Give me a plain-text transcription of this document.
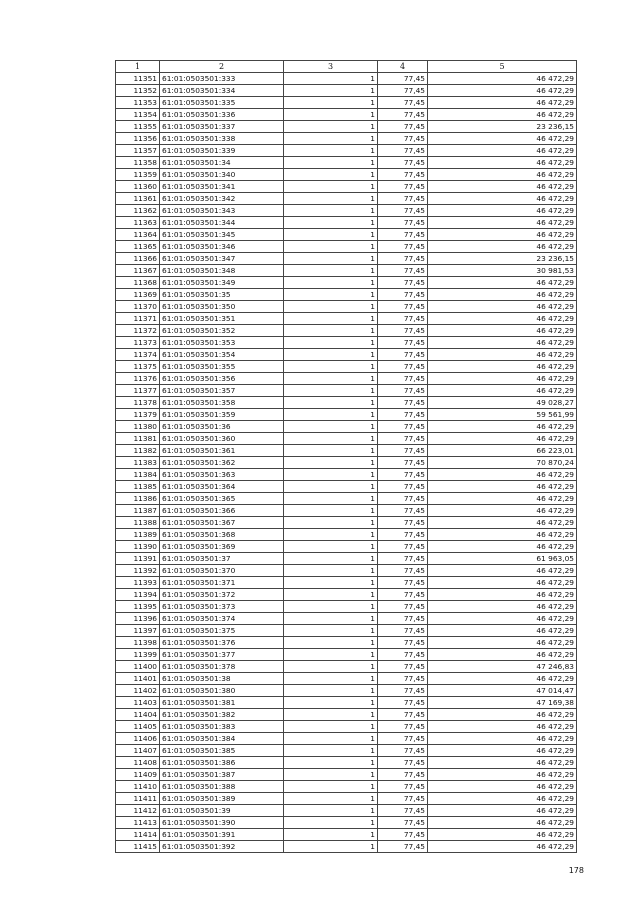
1	2	3	4	5
11351	61:01:0503501:333	1	77,45	46 472,29
11352	61:01:0503501:334	1	77,45	46 472,29
11353	61:01:0503501:335	1	77,45	46 472,29
11354	61:01:0503501:336	1	77,45	46 472,29
11355	61:01:0503501:337	1	77,45	23 236,15
11356	61:01:0503501:338	1	77,45	46 472,29
11357	61:01:0503501:339	1	77,45	46 472,29
11358	61:01:0503501:34	1	77,45	46 472,29
11359	61:01:0503501:340	1	77,45	46 472,29
11360	61:01:0503501:341	1	77,45	46 472,29
11361	61:01:0503501:342	1	77,45	46 472,29
11362	61:01:0503501:343	1	77,45	46 472,29
11363	61:01:0503501:344	1	77,45	46 472,29
11364	61:01:0503501:345	1	77,45	46 472,29
11365	61:01:0503501:346	1	77,45	46 472,29
11366	61:01:0503501:347	1	77,45	23 236,15
11367	61:01:0503501:348	1	77,45	30 981,53
11368	61:01:0503501:349	1	77,45	46 472,29
11369	61:01:0503501:35	1	77,45	46 472,29
11370	61:01:0503501:350	1	77,45	46 472,29
11371	61:01:0503501:351	1	77,45	46 472,29
11372	61:01:0503501:352	1	77,45	46 472,29
11373	61:01:0503501:353	1	77,45	46 472,29
11374	61:01:0503501:354	1	77,45	46 472,29
11375	61:01:0503501:355	1	77,45	46 472,29
11376	61:01:0503501:356	1	77,45	46 472,29
11377	61:01:0503501:357	1	77,45	46 472,29
11378	61:01:0503501:358	1	77,45	49 028,27
11379	61:01:0503501:359	1	77,45	59 561,99
11380	61:01:0503501:36	1	77,45	46 472,29
11381	61:01:0503501:360	1	77,45	46 472,29
11382	61:01:0503501:361	1	77,45	66 223,01
11383	61:01:0503501:362	1	77,45	70 870,24
11384	61:01:0503501:363	1	77,45	46 472,29
11385	61:01:0503501:364	1	77,45	46 472,29
11386	61:01:0503501:365	1	77,45	46 472,29
11387	61:01:0503501:366	1	77,45	46 472,29
11388	61:01:0503501:367	1	77,45	46 472,29
11389	61:01:0503501:368	1	77,45	46 472,29
11390	61:01:0503501:369	1	77,45	46 472,29
11391	61:01:0503501:37	1	77,45	61 963,05
11392	61:01:0503501:370	1	77,45	46 472,29
11393	61:01:0503501:371	1	77,45	46 472,29
11394	61:01:0503501:372	1	77,45	46 472,29
11395	61:01:0503501:373	1	77,45	46 472,29
11396	61:01:0503501:374	1	77,45	46 472,29
11397	61:01:0503501:375	1	77,45	46 472,29
11398	61:01:0503501:376	1	77,45	46 472,29
11399	61:01:0503501:377	1	77,45	46 472,29
11400	61:01:0503501:378	1	77,45	47 246,83
11401	61:01:0503501:38	1	77,45	46 472,29
11402	61:01:0503501:380	1	77,45	47 014,47
11403	61:01:0503501:381	1	77,45	47 169,38
11404	61:01:0503501:382	1	77,45	46 472,29
11405	61:01:0503501:383	1	77,45	46 472,29
11406	61:01:0503501:384	1	77,45	46 472,29
11407	61:01:0503501:385	1	77,45	46 472,29
11408	61:01:0503501:386	1	77,45	46 472,29
11409	61:01:0503501:387	1	77,45	46 472,29
11410	61:01:0503501:388	1	77,45	46 472,29
11411	61:01:0503501:389	1	77,45	46 472,29
11412	61:01:0503501:39	1	77,45	46 472,29
11413	61:01:0503501:390	1	77,45	46 472,29
11414	61:01:0503501:391	1	77,45	46 472,29
11415	61:01:0503501:392	1	77,45	46 472,29
178
